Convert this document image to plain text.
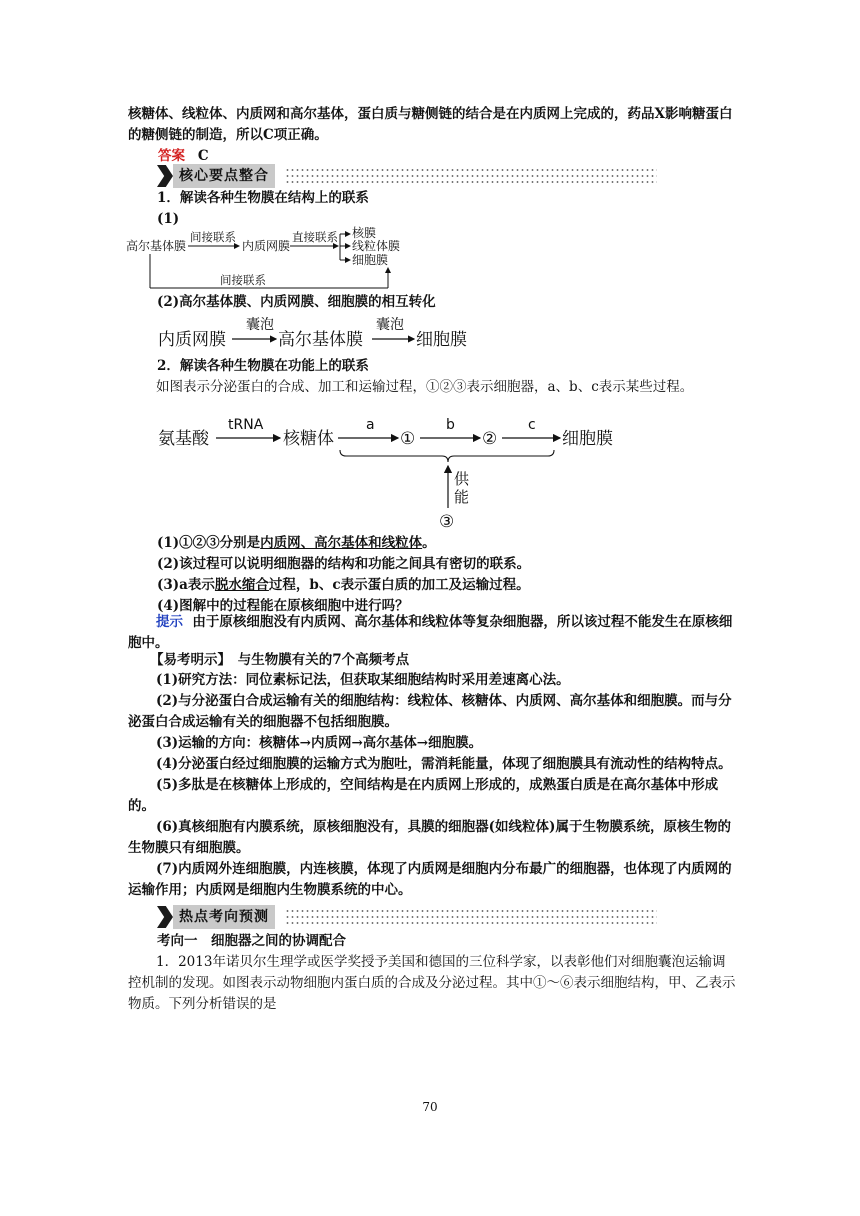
核糖体、线粒体、内质网和高尔基体，蛋白质与糖侧链的结合是在内质网上完成的，药品X影响糖蛋白的糖侧链的制造，所以C项正确。

答案 C

核心要点整合

1．解读各种生物膜在结构上的联系

(1)

高尔基体膜
间接联系
内质网膜
直接联系 核膜
线粒体膜
细胞膜
间接联系

(2)高尔基体膜、内质网膜、细胞膜的相互转化

内质网膜
囊泡
高尔基体膜
囊泡
细胞膜

2．解读各种生物膜在功能上的联系

如图表示分泌蛋白的合成、加工和运输过程，①②③表示细胞器，a、b、c表示某些过程。

氨基酸
tRNA
核糖体
a
①
b
②
c
细胞膜
供
能
③

(1)①②③分别是内质网、高尔基体和线粒体。

(2)该过程可以说明细胞器的结构和功能之间具有密切的联系。

(3)a表示脱水缩合过程，b、c表示蛋白质的加工及运输过程。

(4)图解中的过程能在原核细胞中进行吗？

提示 由于原核细胞没有内质网、高尔基体和线粒体等复杂细胞器，所以该过程不能发生在原核细胞中。

【易考明示】　与生物膜有关的7个高频考点

(1)研究方法：同位素标记法，但获取某细胞结构时采用差速离心法。
(2)与分泌蛋白合成运输有关的细胞结构：线粒体、核糖体、内质网、高尔基体和细胞膜。而与分泌蛋白合成运输有关的细胞器不包括细胞膜。
(3)运输的方向：核糖体→内质网→高尔基体→细胞膜。
(4)分泌蛋白经过细胞膜的运输方式为胞吐，需消耗能量，体现了细胞膜具有流动性的结构特点。
(5)多肽是在核糖体上形成的，空间结构是在内质网上形成的，成熟蛋白质是在高尔基体中形成的。
(6)真核细胞有内膜系统，原核细胞没有，具膜的细胞器(如线粒体)属于生物膜系统，原核生物的生物膜只有细胞膜。
(7)内质网外连细胞膜，内连核膜，体现了内质网是细胞内分布最广的细胞器，也体现了内质网的运输作用；内质网是细胞内生物膜系统的中心。
热点考向预测

考向一　细胞器之间的协调配合

1．2013年诺贝尔生理学或医学奖授予美国和德国的三位科学家，以表彰他们对细胞囊泡运输调控机制的发现。如图表示动物细胞内蛋白质的合成及分泌过程。其中①～⑥表示细胞结构，甲、乙表示物质。下列分析错误的是

70
